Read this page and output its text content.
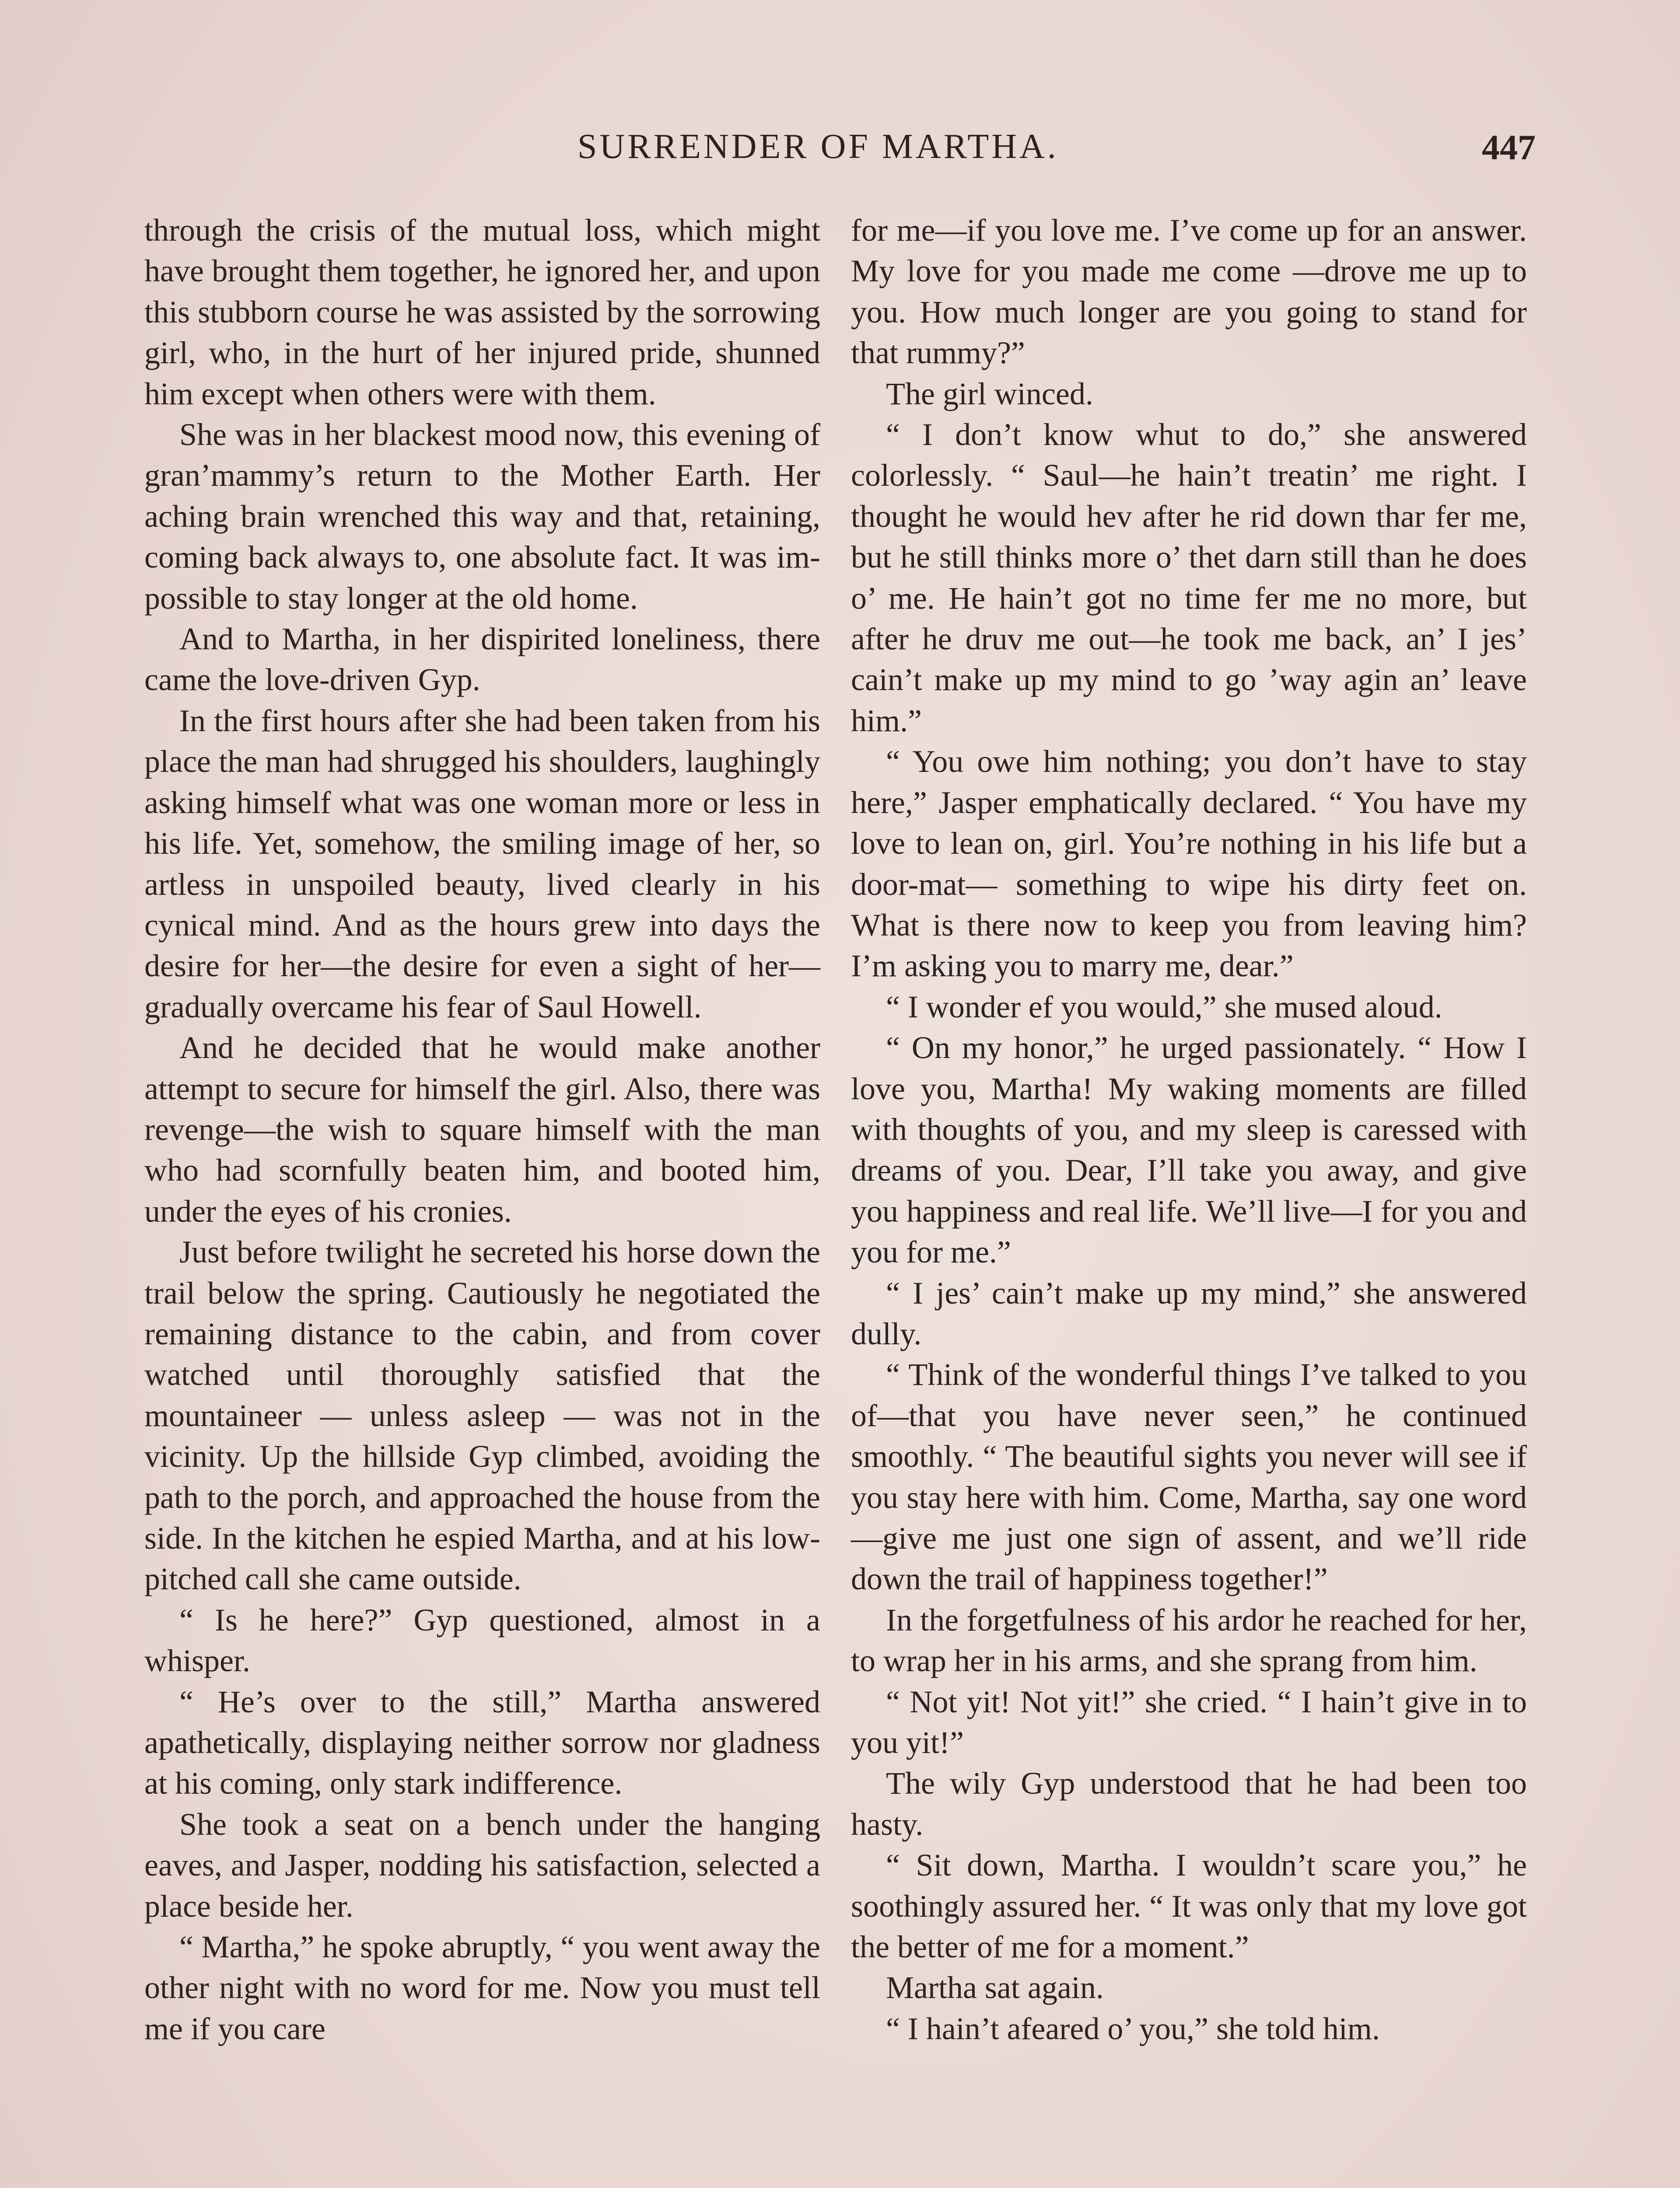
SURRENDER OF MARTHA.	447

through the crisis of the mutual loss, which might have brought them together, he ignored her, and upon this stubborn course he was assisted by the sorrowing girl, who, in the hurt of her injured pride, shunned him except when others were with them.

She was in her blackest mood now, this evening of gran’mammy’s return to the Mother Earth. Her aching brain wrenched this way and that, retaining, coming back always to, one absolute fact. It was impossible to stay longer at the old home.

And to Martha, in her dispirited loneliness, there came the love-driven Gyp.

In the first hours after she had been taken from his place the man had shrugged his shoulders, laughingly asking himself what was one woman more or less in his life. Yet, somehow, the smiling image of her, so artless in unspoiled beauty, lived clearly in his cynical mind. And as the hours grew into days the desire for her—the desire for even a sight of her—gradually overcame his fear of Saul Howell.

And he decided that he would make another attempt to secure for himself the girl. Also, there was revenge—the wish to square himself with the man who had scornfully beaten him, and booted him, under the eyes of his cronies.

Just before twilight he secreted his horse down the trail below the spring. Cautiously he negotiated the remaining distance to the cabin, and from cover watched until thoroughly satisfied that the mountaineer — unless asleep — was not in the vicinity. Up the hillside Gyp climbed, avoiding the path to the porch, and approached the house from the side. In the kitchen he espied Martha, and at his low-pitched call she came outside.

“ Is he here?” Gyp questioned, almost in a whisper.

“ He’s over to the still,” Martha answered apathetically, displaying neither sorrow nor gladness at his coming, only stark indifference.

She took a seat on a bench under the hanging eaves, and Jasper, nodding his satisfaction, selected a place beside her.

“ Martha,” he spoke abruptly, “ you went away the other night with no word for me. Now you must tell me if you care

for me—if you love me. I’ve come up for an answer. My love for you made me come —drove me up to you. How much longer are you going to stand for that rummy?”

The girl winced.

“ I don’t know whut to do,” she answered colorlessly. “ Saul—he hain’t treatin’ me right. I thought he would hev after he rid down thar fer me, but he still thinks more o’ thet darn still than he does o’ me. He hain’t got no time fer me no more, but after he druv me out—he took me back, an’ I jes’ cain’t make up my mind to go ’way agin an’ leave him.”

“ You owe him nothing; you don’t have to stay here,” Jasper emphatically declared. “ You have my love to lean on, girl. You’re nothing in his life but a door-mat— something to wipe his dirty feet on. What is there now to keep you from leaving him? I’m asking you to marry me, dear.”

“ I wonder ef you would,” she mused aloud.

“ On my honor,” he urged passionately. “ How I love you, Martha! My waking moments are filled with thoughts of you, and my sleep is caressed with dreams of you. Dear, I’ll take you away, and give you happiness and real life. We’ll live—I for you and you for me.”

“ I jes’ cain’t make up my mind,” she answered dully.

“ Think of the wonderful things I’ve talked to you of—that you have never seen,” he continued smoothly. “ The beautiful sights you never will see if you stay here with him. Come, Martha, say one word—give me just one sign of assent, and we’ll ride down the trail of happiness together!”

In the forgetfulness of his ardor he reached for her, to wrap her in his arms, and she sprang from him.

“ Not yit! Not yit!” she cried. “ I hain’t give in to you yit!”

The wily Gyp understood that he had been too hasty.

“ Sit down, Martha. I wouldn’t scare you,” he soothingly assured her. “ It was only that my love got the better of me for a moment.”

Martha sat again.

“ I hain’t afeared o’ you,” she told him.
